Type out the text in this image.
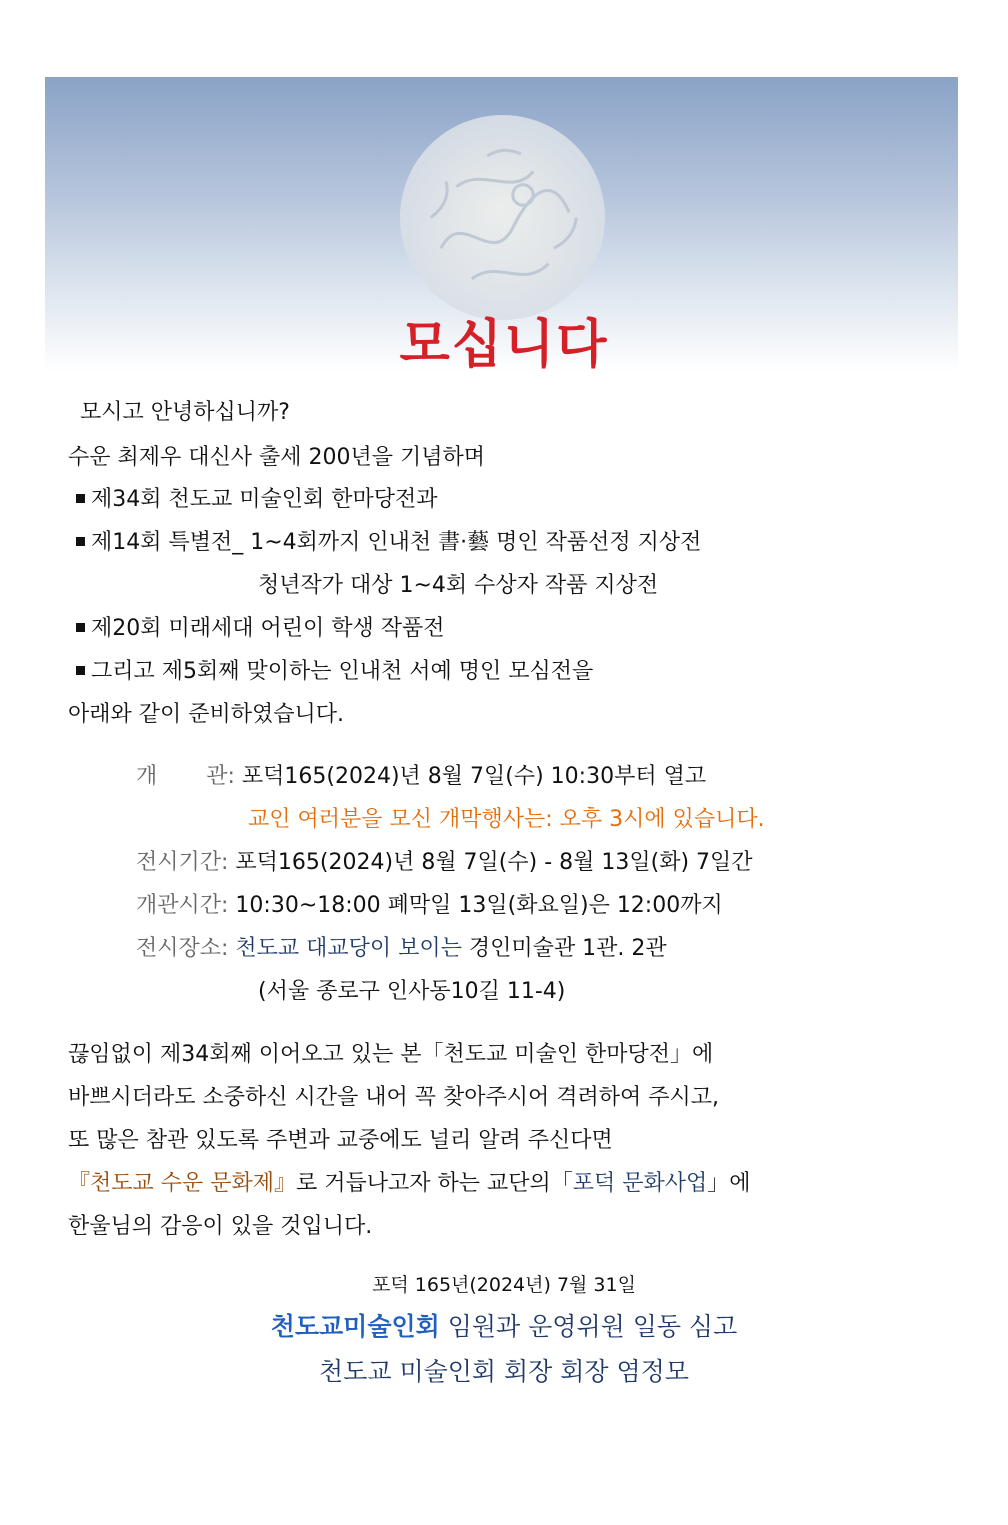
모십니다
모시고 안녕하십니까?
수운 최제우 대신사 출세 200년을 기념하며
제34회 천도교 미술인회 한마당전과
제14회 특별전_ 1~4회까지 인내천 書·藝 명인 작품선정 지상전
청년작가 대상 1~4회 수상자 작품 지상전
제20회 미래세대 어린이 학생 작품전
그리고 제5회째 맞이하는 인내천 서예 명인 모심전을
아래와 같이 준비하였습니다.
개       관: 포덕165(2024)년 8월 7일(수) 10:30부터 열고
교인 여러분을 모신 개막행사는: 오후 3시에 있습니다.
전시기간: 포덕165(2024)년 8월 7일(수) - 8월 13일(화) 7일간
개관시간: 10:30~18:00 폐막일 13일(화요일)은 12:00까지
전시장소: 천도교 대교당이 보이는 경인미술관 1관. 2관
(서울 종로구 인사동10길 11-4)
끊임없이 제34회째 이어오고 있는 본「천도교 미술인 한마당전」에
바쁘시더라도 소중하신 시간을 내어 꼭 찾아주시어 격려하여 주시고,
또 많은 참관 있도록 주변과 교중에도 널리 알려 주신다면
『천도교 수운 문화제』로 거듭나고자 하는 교단의「포덕 문화사업」에
한울님의 감응이 있을 것입니다.
포덕 165년(2024년) 7월 31일
천도교미술인회 임원과 운영위원 일동 심고
천도교 미술인회 회장 회장 염정모
